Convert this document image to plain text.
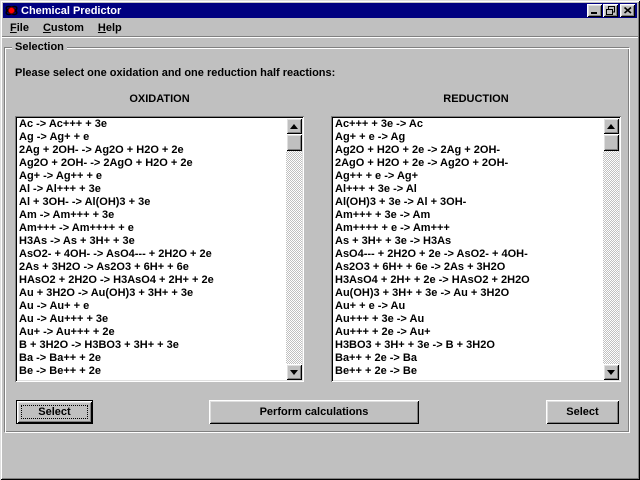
Chemical Predictor
File	Custom	Help
Selection
Please select one oxidation and one reduction half reactions:
OXIDATION	REDUCTION
Ac -> Ac+++ + 3e
Ag -> Ag+ + e
2Ag + 2OH- -> Ag2O + H2O + 2e
Ag2O + 2OH- -> 2AgO + H2O + 2e
Ag+ -> Ag++ + e
Al -> Al+++ + 3e
Al + 3OH- -> Al(OH)3 + 3e
Am -> Am+++ + 3e
Am+++ -> Am++++ + e
H3As -> As + 3H+ + 3e
AsO2- + 4OH- -> AsO4--- + 2H2O + 2e
2As + 3H2O -> As2O3 + 6H+ + 6e
HAsO2 + 2H2O -> H3AsO4 + 2H+ + 2e
Au + 3H2O -> Au(OH)3 + 3H+ + 3e
Au -> Au+ + e
Au -> Au+++ + 3e
Au+ -> Au+++ + 2e
B + 3H2O -> H3BO3 + 3H+ + 3e
Ba -> Ba++ + 2e
Be -> Be++ + 2e
Ac+++ + 3e -> Ac
Ag+ + e -> Ag
Ag2O + H2O + 2e -> 2Ag + 2OH-
2AgO + H2O + 2e -> Ag2O + 2OH-
Ag++ + e -> Ag+
Al+++ + 3e -> Al
Al(OH)3 + 3e -> Al + 3OH-
Am+++ + 3e -> Am
Am++++ + e -> Am+++
As + 3H+ + 3e -> H3As
AsO4--- + 2H2O + 2e -> AsO2- + 4OH-
As2O3 + 6H+ + 6e -> 2As + 3H2O
H3AsO4 + 2H+ + 2e -> HAsO2 + 2H2O
Au(OH)3 + 3H+ + 3e -> Au + 3H2O
Au+ + e -> Au
Au+++ + 3e -> Au
Au+++ + 2e -> Au+
H3BO3 + 3H+ + 3e -> B + 3H2O
Ba++ + 2e -> Ba
Be++ + 2e -> Be
Select	Perform calculations	Select
